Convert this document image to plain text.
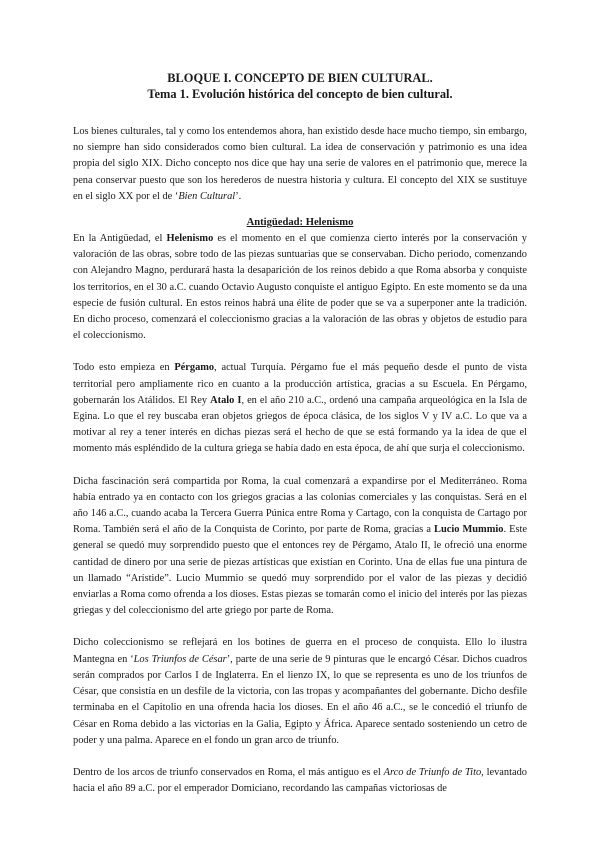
BLOQUE I. CONCEPTO DE BIEN CULTURAL.
Tema 1. Evolución histórica del concepto de bien cultural.

Los bienes culturales, tal y como los entendemos ahora, han existido desde hace mucho tiempo, sin embargo, no siempre han sido considerados como bien cultural. La idea de conservación y patrimonio es una idea propia del siglo XIX. Dicho concepto nos dice que hay una serie de valores en el patrimonio que, merece la pena conservar puesto que son los herederos de nuestra historia y cultura. El concepto del XIX se sustituye en el siglo XX por el de ‘Bien Cultural’.

Antigüedad: Helenismo

En la Antigüedad, el Helenismo es el momento en el que comienza cierto interés por la conservación y valoración de las obras, sobre todo de las piezas suntuarias que se conservaban. Dicho periodo, comenzando con Alejandro Magno, perdurará hasta la desaparición de los reinos debido a que Roma absorba y conquiste los territorios, en el 30 a.C. cuando Octavio Augusto conquiste el antiguo Egipto. En este momento se da una especie de fusión cultural. En estos reinos habrá una élite de poder que se va a superponer ante la tradición. En dicho proceso, comenzará el coleccionismo gracias a la valoración de las obras y objetos de estudio para el coleccionismo.

Todo esto empieza en Pérgamo, actual Turquía. Pérgamo fue el más pequeño desde el punto de vista territorial pero ampliamente rico en cuanto a la producción artística, gracias a su Escuela. En Pérgamo, gobernarán los Atálidos. El Rey Atalo I, en el año 210 a.C., ordenó una campaña arqueológica en la Isla de Egina. Lo que el rey buscaba eran objetos griegos de época clásica, de los siglos V y IV a.C. Lo que va a motivar al rey a tener interés en dichas piezas será el hecho de que se está formando ya la idea de que el momento más espléndido de la cultura griega se había dado en esta época, de ahí que surja el coleccionismo.

Dicha fascinación será compartida por Roma, la cual comenzará a expandirse por el Mediterráneo. Roma había entrado ya en contacto con los griegos gracias a las colonias comerciales y las conquistas. Será en el año 146 a.C., cuando acaba la Tercera Guerra Púnica entre Roma y Cartago, con la conquista de Cartago por Roma. También será el año de la Conquista de Corinto, por parte de Roma, gracias a Lucio Mummio. Este general se quedó muy sorprendido puesto que el entonces rey de Pérgamo, Atalo II, le ofreció una enorme cantidad de dinero por una serie de piezas artísticas que existían en Corinto. Una de ellas fue una pintura de un llamado “Arístide”. Lucio Mummio se quedó muy sorprendido por el valor de las piezas y decidió enviarlas a Roma como ofrenda a los dioses. Estas piezas se tomarán como el inicio del interés por las piezas griegas y del coleccionismo del arte griego por parte de Roma.

Dicho coleccionismo se reflejará en los botines de guerra en el proceso de conquista. Ello lo ilustra Mantegna en ‘Los Triunfos de César’, parte de una serie de 9 pinturas que le encargó César. Dichos cuadros serán comprados por Carlos I de Inglaterra. En el lienzo IX, lo que se representa es uno de los triunfos de César, que consistía en un desfile de la victoria, con las tropas y acompañantes del gobernante. Dicho desfile terminaba en el Capitolio en una ofrenda hacia los dioses. En el año 46 a.C., se le concedió el triunfo de César en Roma debido a las victorias en la Galia, Egipto y África. Aparece sentado sosteniendo un cetro de poder y una palma. Aparece en el fondo un gran arco de triunfo.

Dentro de los arcos de triunfo conservados en Roma, el más antiguo es el Arco de Triunfo de Tito, levantado hacia el año 89 a.C. por el emperador Domiciano, recordando las campañas victoriosas de
